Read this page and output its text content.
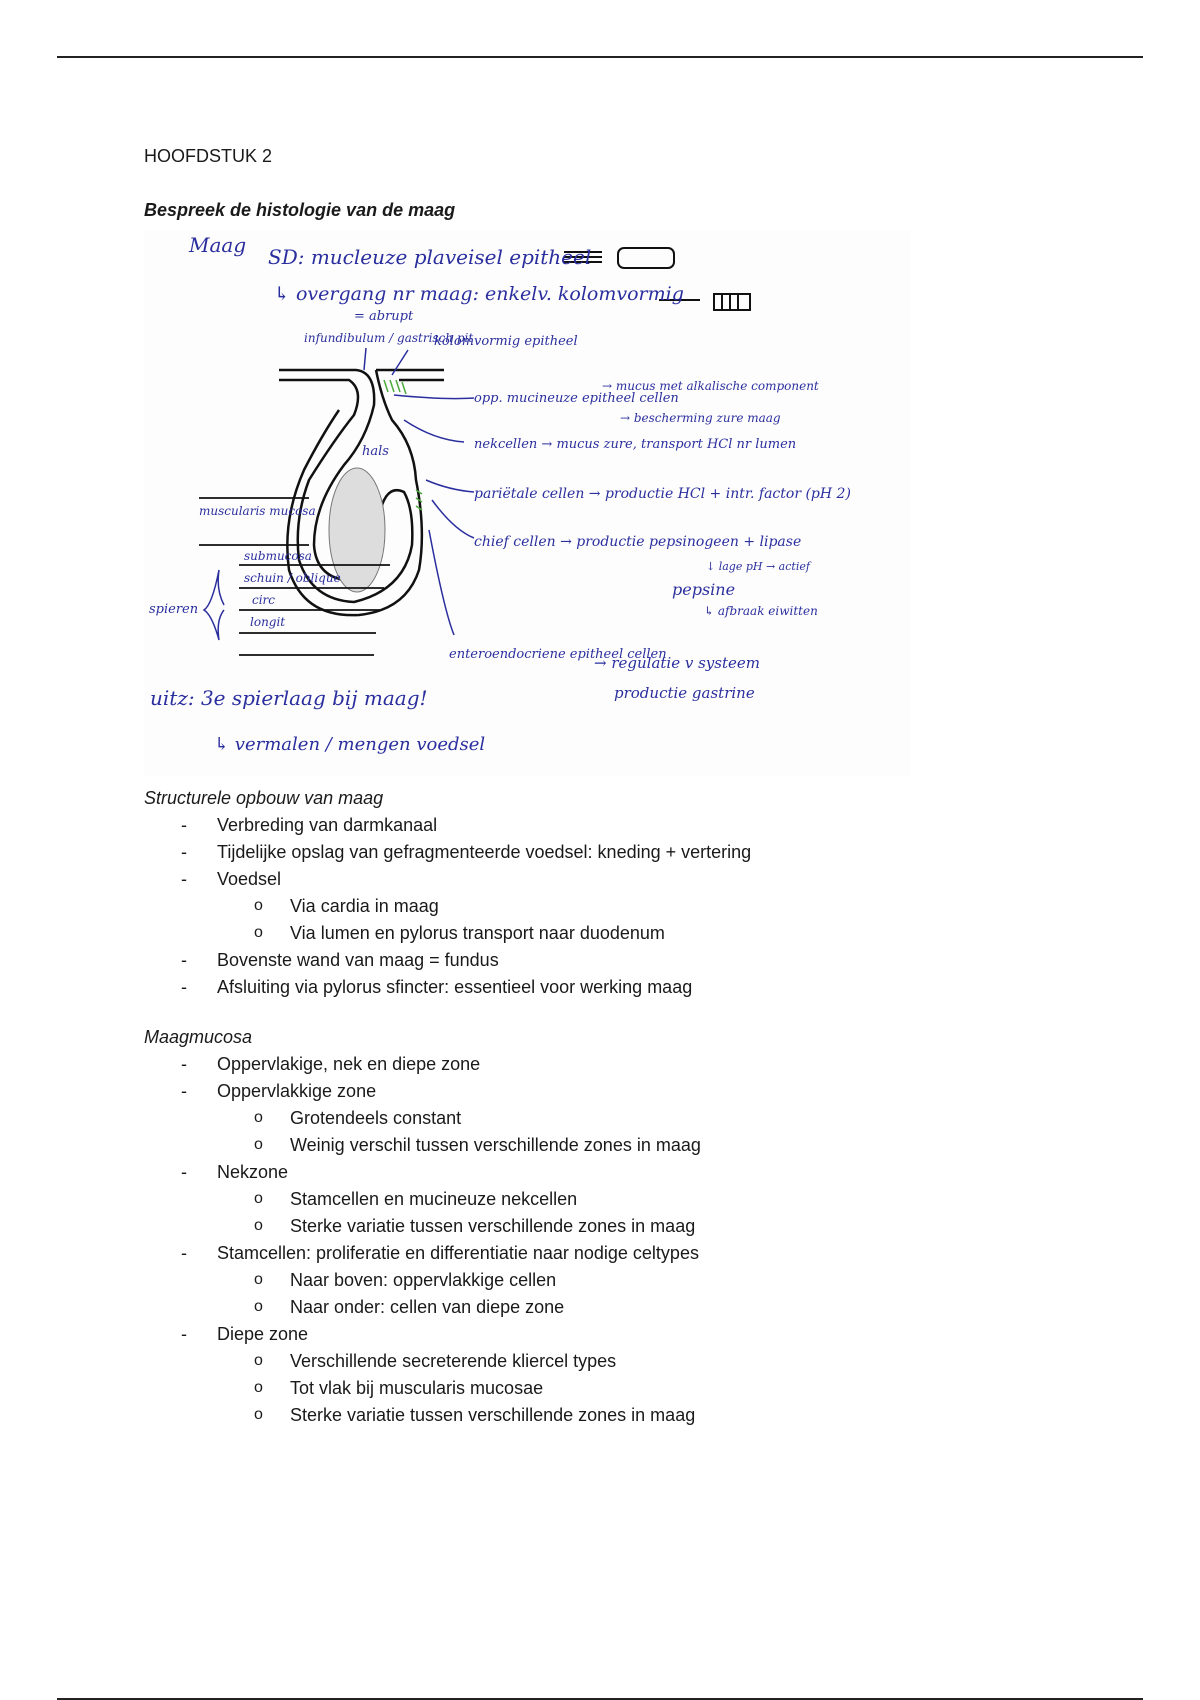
HOOFDSTUK 2

Bespreek de histologie van de maag

Maag SD: mucleuze plaveisel epitheel
↳ overgang nr maag: enkelv. kolomvormig
= abrupt
infundibulum / gastrisch pit
kolomvormig epitheel
hals
opp. mucineuze epitheel cellen
→ mucus met alkalische component
→ bescherming zure maag
nekcellen → mucus zure, transport HCl nr lumen
pariëtale cellen → productie HCl + intr. factor (pH 2)
chief cellen → productie pepsinogeen + lipase
↓ lage pH → actief
pepsine
↳ afbraak eiwitten
muscularis mucosa
submucosa
schuin / oblique
circ
longit
spieren
enteroendocriene epitheel cellen
→ regulatie v systeem
productie gastrine
uitz: 3e spierlaag bij maag!
↳ vermalen / mengen voedsel

Structurele opbouw van maag

- Verbreding van darmkanaal
- Tijdelijke opslag van gefragmenteerde voedsel: kneding + vertering
- Voedsel
o Via cardia in maag
o Via lumen en pylorus transport naar duodenum
- Bovenste wand van maag = fundus
- Afsluiting via pylorus sfincter: essentieel voor werking maag

Maagmucosa

- Oppervlakige, nek en diepe zone
- Oppervlakkige zone
o Grotendeels constant
o Weinig verschil tussen verschillende zones in maag
- Nekzone
o Stamcellen en mucineuze nekcellen
o Sterke variatie tussen verschillende zones in maag
- Stamcellen: proliferatie en differentiatie naar nodige celtypes
o Naar boven: oppervlakkige cellen
o Naar onder: cellen van diepe zone
- Diepe zone
o Verschillende secreterende kliercel types
o Tot vlak bij muscularis mucosae
o Sterke variatie tussen verschillende zones in maag
